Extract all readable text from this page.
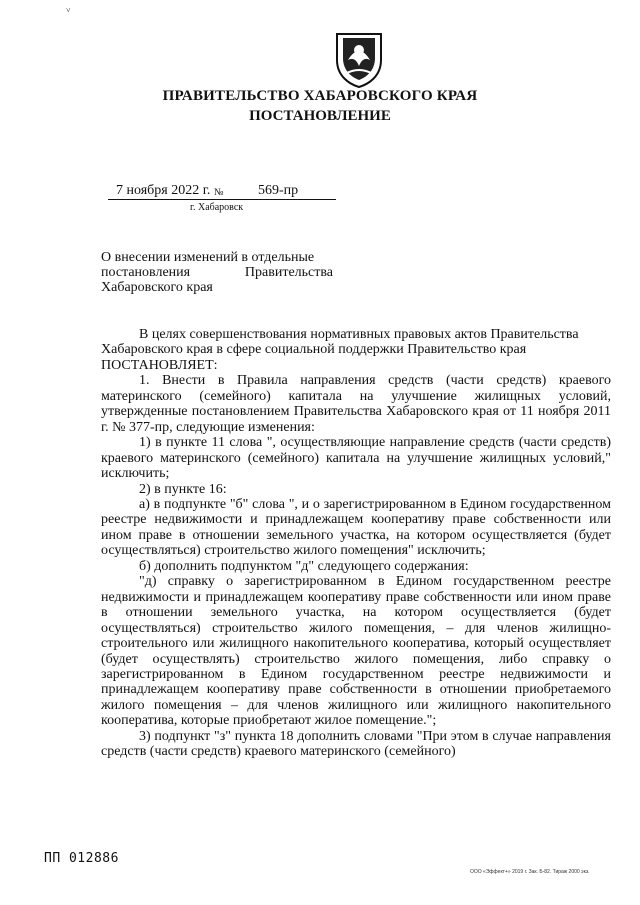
˅
ПРАВИТЕЛЬСТВО ХАБАРОВСКОГО КРАЯ
ПОСТАНОВЛЕНИЕ
7 ноября 2022 г. № 569-пр
г. Хабаровск
О внесении изменений в отдельные
постановления Правительства
Хабаровского края

В целях совершенствования нормативных правовых актов Правительства

Хабаровского края в сфере социальной поддержки Правительство края

ПОСТАНОВЛЯЕТ:

1. Внести в Правила направления средств (части средств) краевого материнского (семейного) капитала на улучшение жилищных условий, утвержденные постановлением Правительства Хабаровского края от 11 ноября 2011 г. № 377-пр, следующие изменения:

1) в пункте 11 слова ", осуществляющие направление средств (части средств) краевого материнского (семейного) капитала на улучшение жилищных условий," исключить;

2) в пункте 16:

а) в подпункте "б" слова ", и о зарегистрированном в Едином государственном реестре недвижимости и принадлежащем кооперативу праве собственности или ином праве в отношении земельного участка, на котором осуществляется (будет осуществляться) строительство жилого помещения" исключить;

б) дополнить подпунктом "д" следующего содержания:

"д) справку о зарегистрированном в Едином государственном реестре недвижимости и принадлежащем кооперативу праве собственности или ином праве в отношении земельного участка, на котором осуществляется (будет осуществляться) строительство жилого помещения, – для членов жилищно-строительного или жилищного накопительного кооператива, который осуществляет (будет осуществлять) строительство жилого помещения, либо справку о зарегистрированном в Едином государственном реестре недвижимости и принадлежащем кооперативу праве собственности в отношении приобретаемого жилого помещения – для членов жилищного или жилищного накопительного кооператива, которые приобретают жилое помещение.";

3) подпункт "з" пункта 18 дополнить словами "При этом в случае направления средств (части средств) краевого материнского (семейного)

ПП 012886
ООО «Эффект+» 2019 г. Зак. Б-82. Тираж 2000 экз.
